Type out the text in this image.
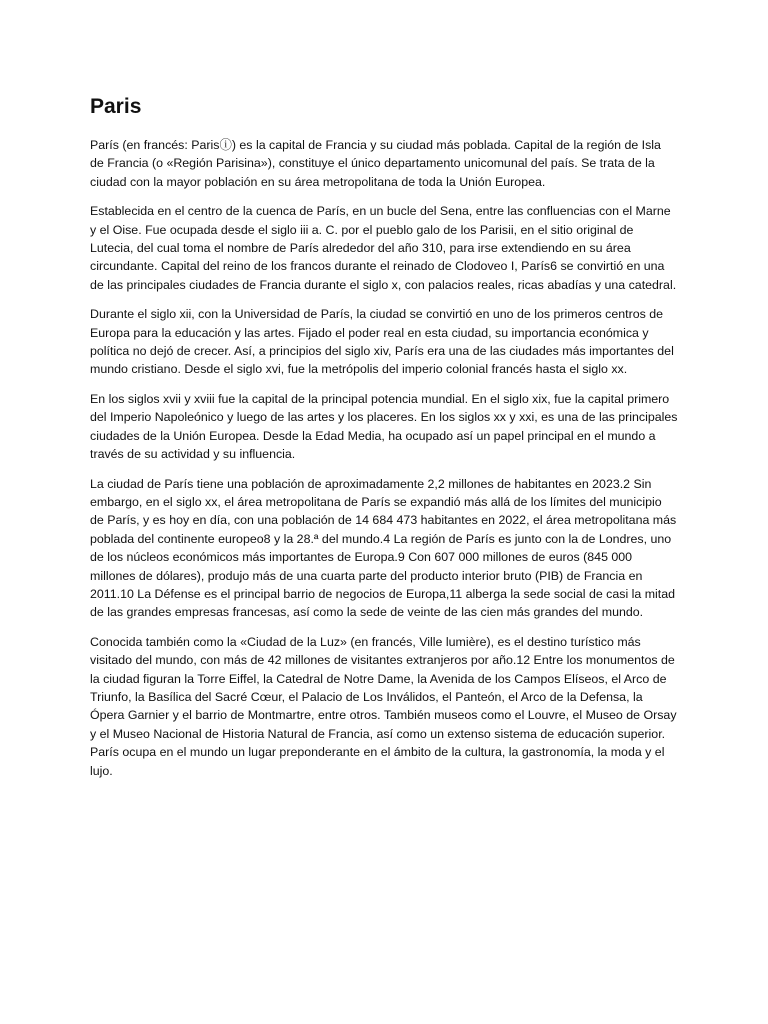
Paris

París (en francés: Parisⓘ) es la capital de Francia y su ciudad más poblada. Capital de la región de Isla de Francia (o «Región Parisina»), constituye el único departamento unicomunal del país. Se trata de la ciudad con la mayor población en su área metropolitana de toda la Unión Europea.

Establecida en el centro de la cuenca de París, en un bucle del Sena, entre las confluencias con el Marne y el Oise. Fue ocupada desde el siglo iii a. C. por el pueblo galo de los Parisii, en el sitio original de Lutecia, del cual toma el nombre de París alrededor del año 310, para irse extendiendo en su área circundante. Capital del reino de los francos durante el reinado de Clodoveo I, París6 se convirtió en una de las principales ciudades de Francia durante el siglo x, con palacios reales, ricas abadías y una catedral.

Durante el siglo xii, con la Universidad de París, la ciudad se convirtió en uno de los primeros centros de Europa para la educación y las artes. Fijado el poder real en esta ciudad, su importancia económica y política no dejó de crecer. Así, a principios del siglo xiv, París era una de las ciudades más importantes del mundo cristiano. Desde el siglo xvi, fue la metrópolis del imperio colonial francés hasta el siglo xx.

En los siglos xvii y xviii fue la capital de la principal potencia mundial. En el siglo xix, fue la capital primero del Imperio Napoleónico y luego de las artes y los placeres. En los siglos xx y xxi, es una de las principales ciudades de la Unión Europea. Desde la Edad Media, ha ocupado así un papel principal en el mundo a través de su actividad y su influencia.

La ciudad de París tiene una población de aproximadamente 2,2 millones de habitantes en 2023.2 Sin embargo, en el siglo xx, el área metropolitana de París se expandió más allá de los límites del municipio de París, y es hoy en día, con una población de 14 684 473 habitantes en 2022, el área metropolitana más poblada del continente europeo8 y la 28.ª del mundo.4 La región de París es junto con la de Londres, uno de los núcleos económicos más importantes de Europa.9 Con 607 000 millones de euros (845 000 millones de dólares), produjo más de una cuarta parte del producto interior bruto (PIB) de Francia en 2011.10 La Défense es el principal barrio de negocios de Europa,11 alberga la sede social de casi la mitad de las grandes empresas francesas, así como la sede de veinte de las cien más grandes del mundo.

Conocida también como la «Ciudad de la Luz» (en francés, Ville lumière), es el destino turístico más visitado del mundo, con más de 42 millones de visitantes extranjeros por año.12 Entre los monumentos de la ciudad figuran la Torre Eiffel, la Catedral de Notre Dame, la Avenida de los Campos Elíseos, el Arco de Triunfo, la Basílica del Sacré Cœur, el Palacio de Los Inválidos, el Panteón, el Arco de la Defensa, la Ópera Garnier y el barrio de Montmartre, entre otros. También museos como el Louvre, el Museo de Orsay y el Museo Nacional de Historia Natural de Francia, así como un extenso sistema de educación superior. París ocupa en el mundo un lugar preponderante en el ámbito de la cultura, la gastronomía, la moda y el lujo.
